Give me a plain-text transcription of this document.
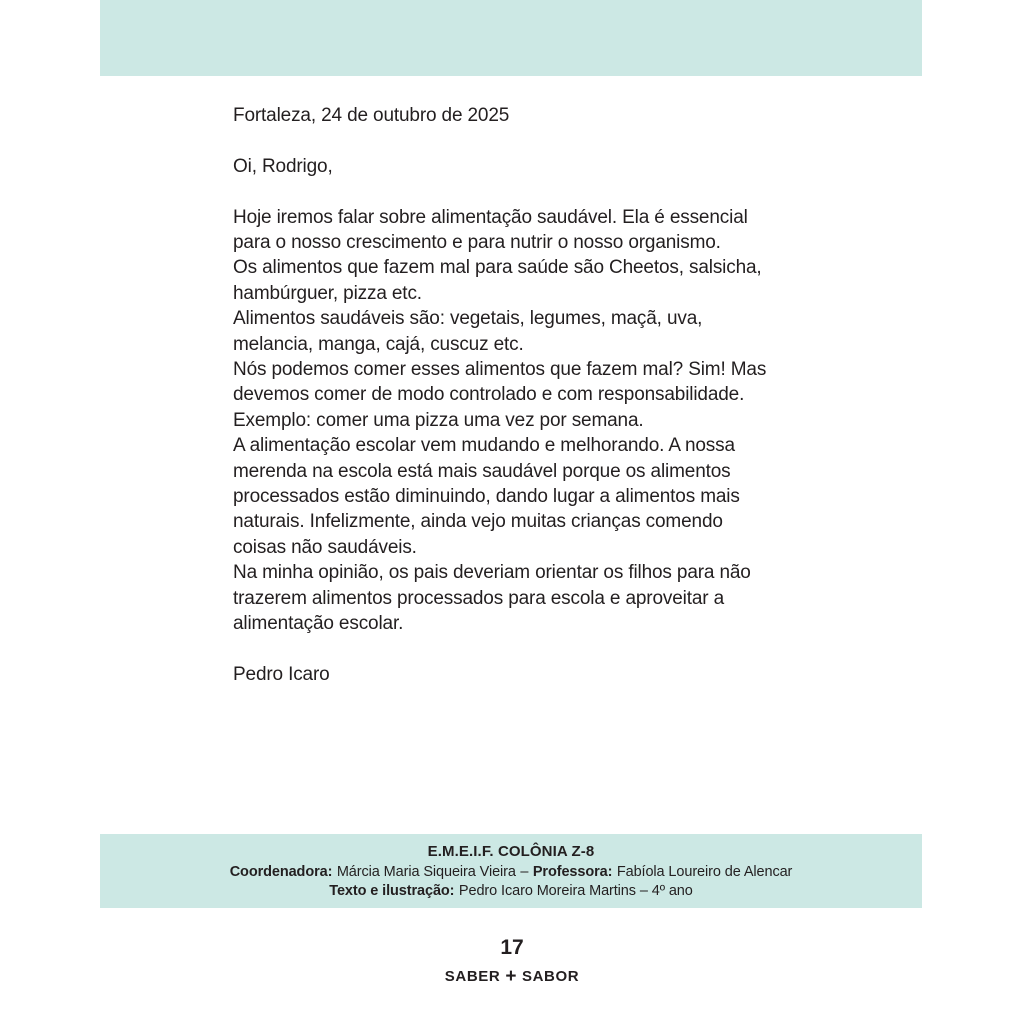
Fortaleza, 24 de outubro de 2025

Oi, Rodrigo,

Hoje iremos falar sobre alimentação saudável. Ela é essencial
para o nosso crescimento e para nutrir o nosso organismo.
Os alimentos que fazem mal para saúde são Cheetos, salsicha,
hambúrguer, pizza etc.
Alimentos saudáveis são: vegetais, legumes, maçã, uva,
melancia, manga, cajá, cuscuz etc.
Nós podemos comer esses alimentos que fazem mal? Sim! Mas
devemos comer de modo controlado e com responsabilidade.
Exemplo: comer uma pizza uma vez por semana.
A alimentação escolar vem mudando e melhorando. A nossa
merenda na escola está mais saudável porque os alimentos
processados estão diminuindo, dando lugar a alimentos mais
naturais. Infelizmente, ainda vejo muitas crianças comendo
coisas não saudáveis.
Na minha opinião, os pais deveriam orientar os filhos para não
trazerem alimentos processados para escola e aproveitar a
alimentação escolar.

Pedro Icaro

E.M.E.I.F. COLÔNIA Z-8
Coordenadora: Márcia Maria Siqueira Vieira – Professora: Fabíola Loureiro de Alencar
Texto e ilustração: Pedro Icaro Moreira Martins – 4º ano
17
SABER + SABOR
